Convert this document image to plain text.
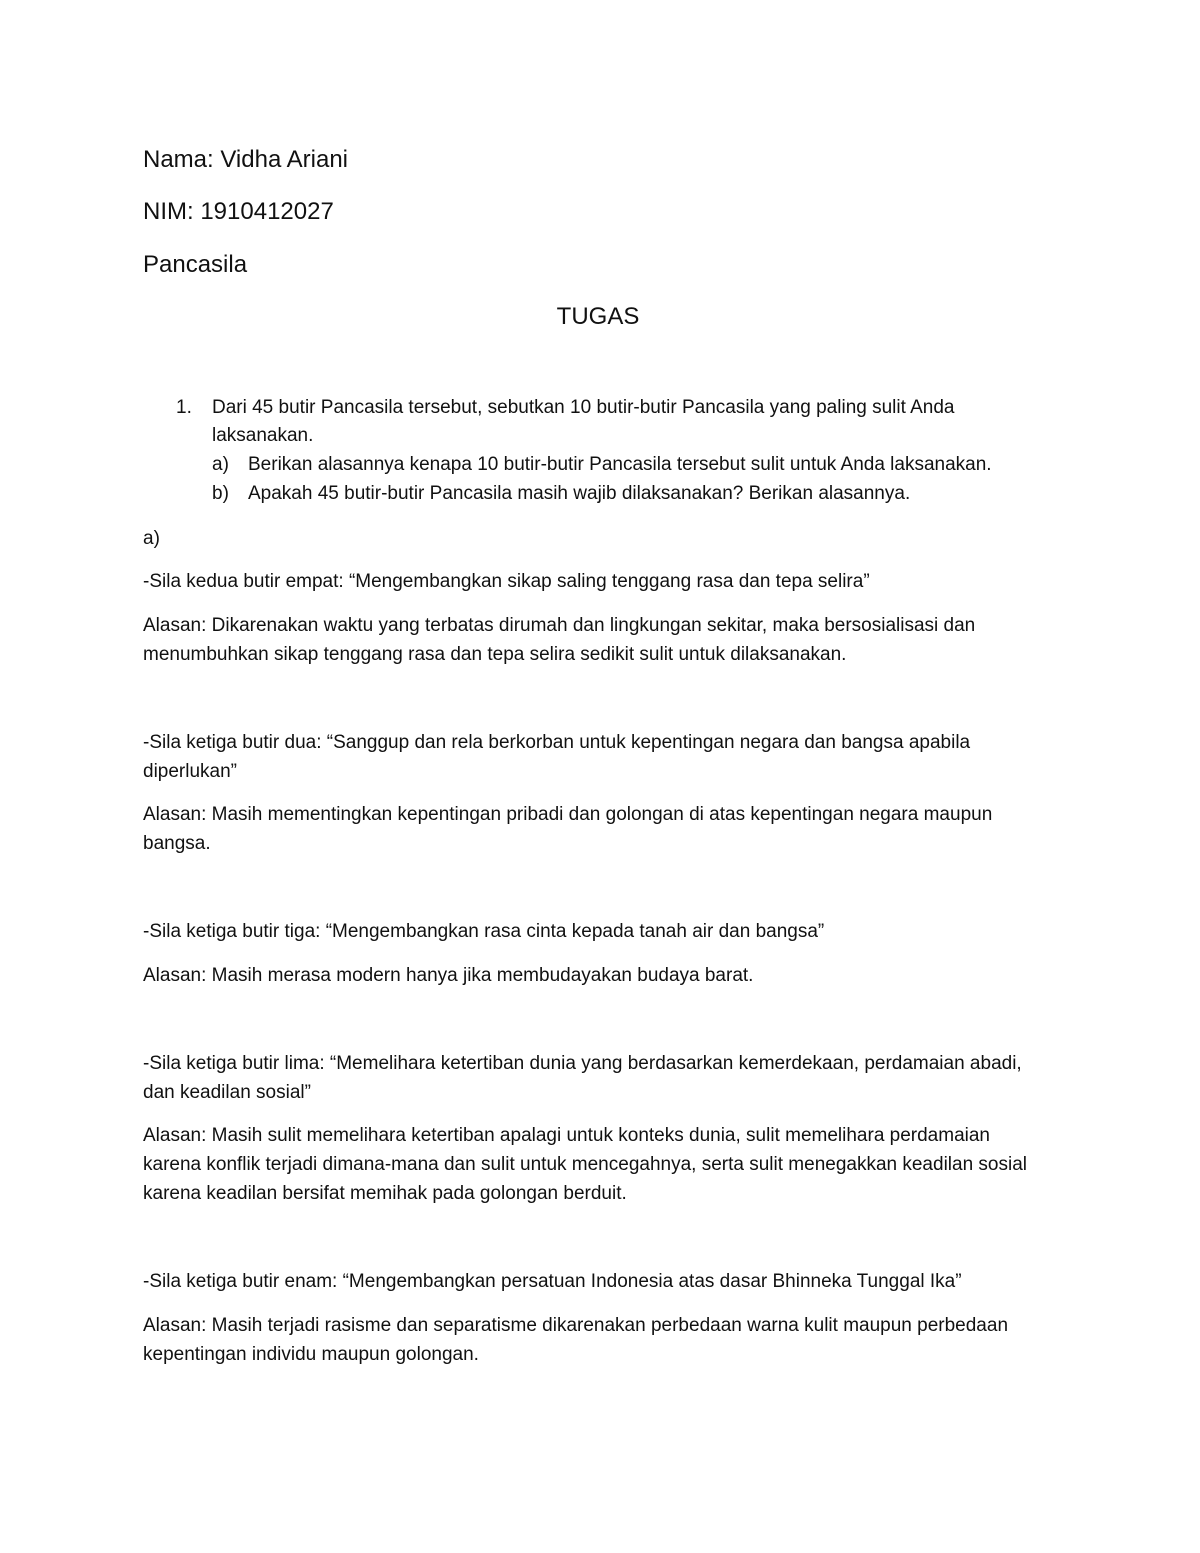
Nama: Vidha Ariani
NIM: 1910412027
Pancasila
TUGAS
1. Dari 45 butir Pancasila tersebut, sebutkan 10 butir-butir Pancasila yang paling sulit Anda
laksanakan.
a) Berikan alasannya kenapa 10 butir-butir Pancasila tersebut sulit untuk Anda laksanakan.
b) Apakah 45 butir-butir Pancasila masih wajib dilaksanakan? Berikan alasannya.
a)
-Sila kedua butir empat: “Mengembangkan sikap saling tenggang rasa dan tepa selira”
Alasan: Dikarenakan waktu yang terbatas dirumah dan lingkungan sekitar, maka bersosialisasi dan
menumbuhkan sikap tenggang rasa dan tepa selira sedikit sulit untuk dilaksanakan.
-Sila ketiga butir dua: “Sanggup dan rela berkorban untuk kepentingan negara dan bangsa apabila
diperlukan”
Alasan: Masih mementingkan kepentingan pribadi dan golongan di atas kepentingan negara maupun
bangsa.
-Sila ketiga butir tiga: “Mengembangkan rasa cinta kepada tanah air dan bangsa”
Alasan: Masih merasa modern hanya jika membudayakan budaya barat.
-Sila ketiga butir lima: “Memelihara ketertiban dunia yang berdasarkan kemerdekaan, perdamaian abadi,
dan keadilan sosial”
Alasan: Masih sulit memelihara ketertiban apalagi untuk konteks dunia, sulit memelihara perdamaian
karena konflik terjadi dimana-mana dan sulit untuk mencegahnya, serta sulit menegakkan keadilan sosial
karena keadilan bersifat memihak pada golongan berduit.
-Sila ketiga butir enam: “Mengembangkan persatuan Indonesia atas dasar Bhinneka Tunggal Ika”
Alasan: Masih terjadi rasisme dan separatisme dikarenakan perbedaan warna kulit maupun perbedaan
kepentingan individu maupun golongan.
